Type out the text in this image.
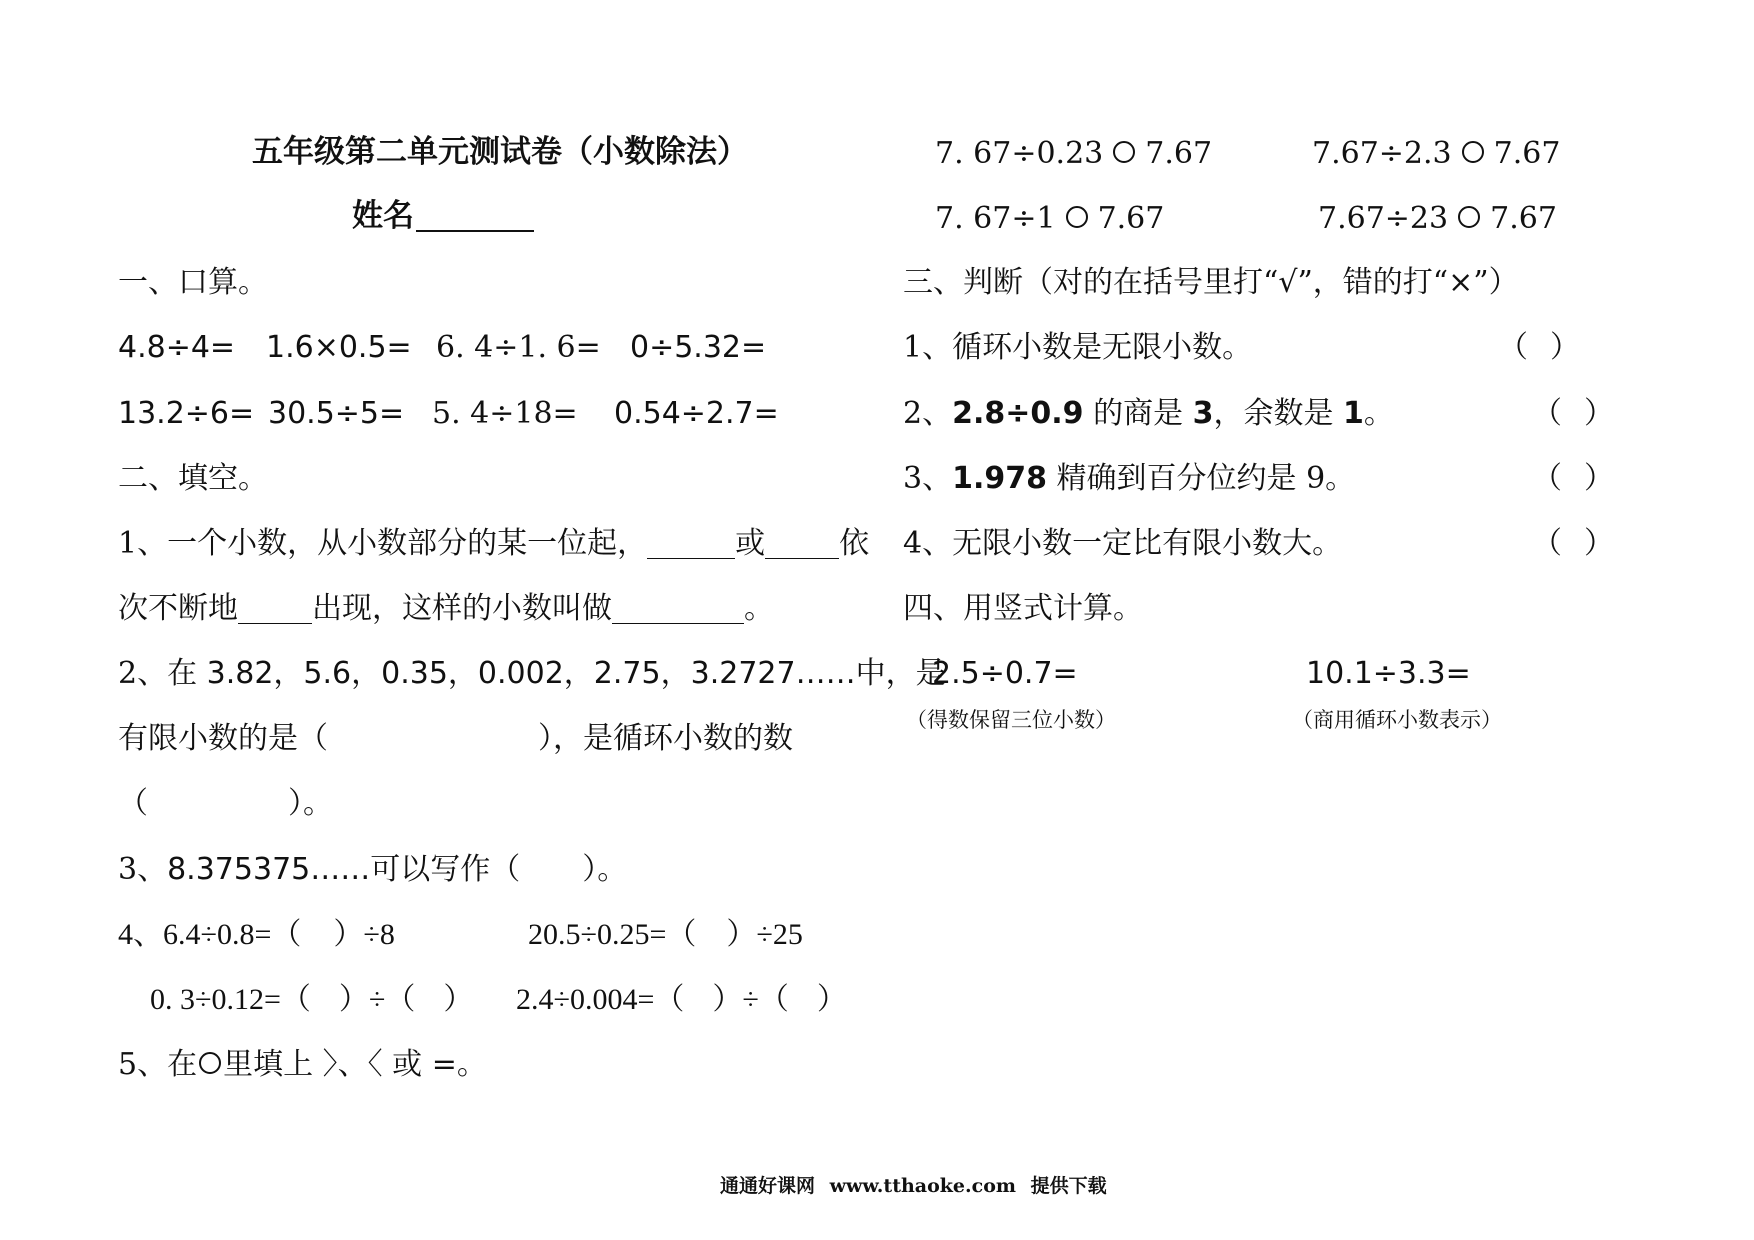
五年级第二单元测试卷（小数除法）
姓名
一、口算。
4.8÷4= 1.6×0.5= 6. 4÷1. 6= 0÷5.32=
13.2÷6= 30.5÷5= 5. 4÷18= 0.54÷2.7=
二、填空。
1、一个小数，从小数部分的某一位起，	或 依
次不断地 出现，这样的小数叫做	。
2、在 3.82，5.6，0.35，0.002，2.75，3.2727……中，是
有限小数的是（	），是循环小数的数
（	）。
3、8.375375……可以写作（ ）。
4、6.4÷0.8=（ ）÷8	20.5÷0.25=（ ）÷25
0. 3÷0.12=（ ）÷（ ） 2.4÷0.004=（ ）÷（ ）
5、在 里填上 〉、〈 或 =。
7. 67÷0.23 7.67	7.67÷2.3 7.67
7. 67÷1 7.67	7.67÷23 7.67
三、判断（对的在括号里打“√”，错的打“×”）
1、循环小数是无限小数。	（ ）
2、2.8÷0.9 的商是 3，余数是 1。	（ ）
3、1.978 精确到百分位约是 9。	（ ）
4、无限小数一定比有限小数大。	（ ）
四、用竖式计算。
2.5÷0.7=	10.1÷3.3=
（得数保留三位小数）	（商用循环小数表示）
通通好课网 www.tthaoke.com 提供下载
